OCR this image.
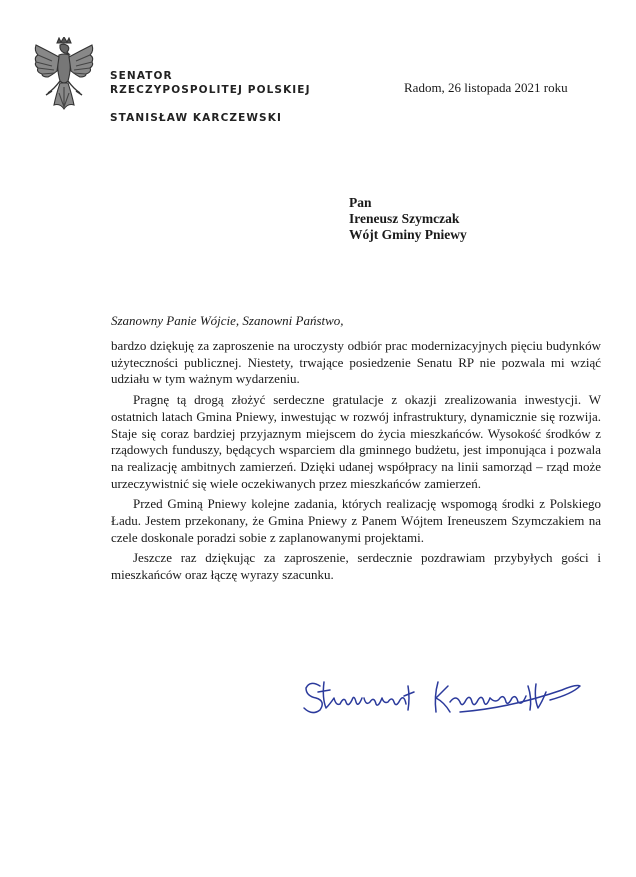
SENATOR
RZECZYPOSPOLITEJ POLSKIEJ
STANISŁAW KARCZEWSKI
Radom, 26 listopada 2021 roku
Pan
Ireneusz Szymczak
Wójt Gminy Pniewy
Szanowny Panie Wójcie, Szanowni Państwo,

bardzo dziękuję za zaproszenie na uroczysty odbiór prac modernizacyjnych pięciu budynków użyteczności publicznej. Niestety, trwające posiedzenie Senatu RP nie pozwala mi wziąć udziału w tym ważnym wydarzeniu.

Pragnę tą drogą złożyć serdeczne gratulacje z okazji zrealizowania inwestycji. W ostatnich latach Gmina Pniewy, inwestując w rozwój infrastruktury, dynamicznie się rozwija. Staje się coraz bardziej przyjaznym miejscem do życia mieszkańców. Wysokość środków z rządowych funduszy, będących wsparciem dla gminnego budżetu, jest imponująca i pozwala na realizację ambitnych zamierzeń. Dzięki udanej współpracy na linii samorząd – rząd może urzeczywistnić się wiele oczekiwanych przez mieszkańców zamierzeń.

Przed Gminą Pniewy kolejne zadania, których realizację wspomogą środki z Polskiego Ładu. Jestem przekonany, że Gmina Pniewy z Panem Wójtem Ireneuszem Szymczakiem na czele doskonale poradzi sobie z zaplanowanymi projektami.

Jeszcze raz dziękując za zaproszenie, serdecznie pozdrawiam przybyłych gości i mieszkańców oraz łączę wyrazy szacunku.
